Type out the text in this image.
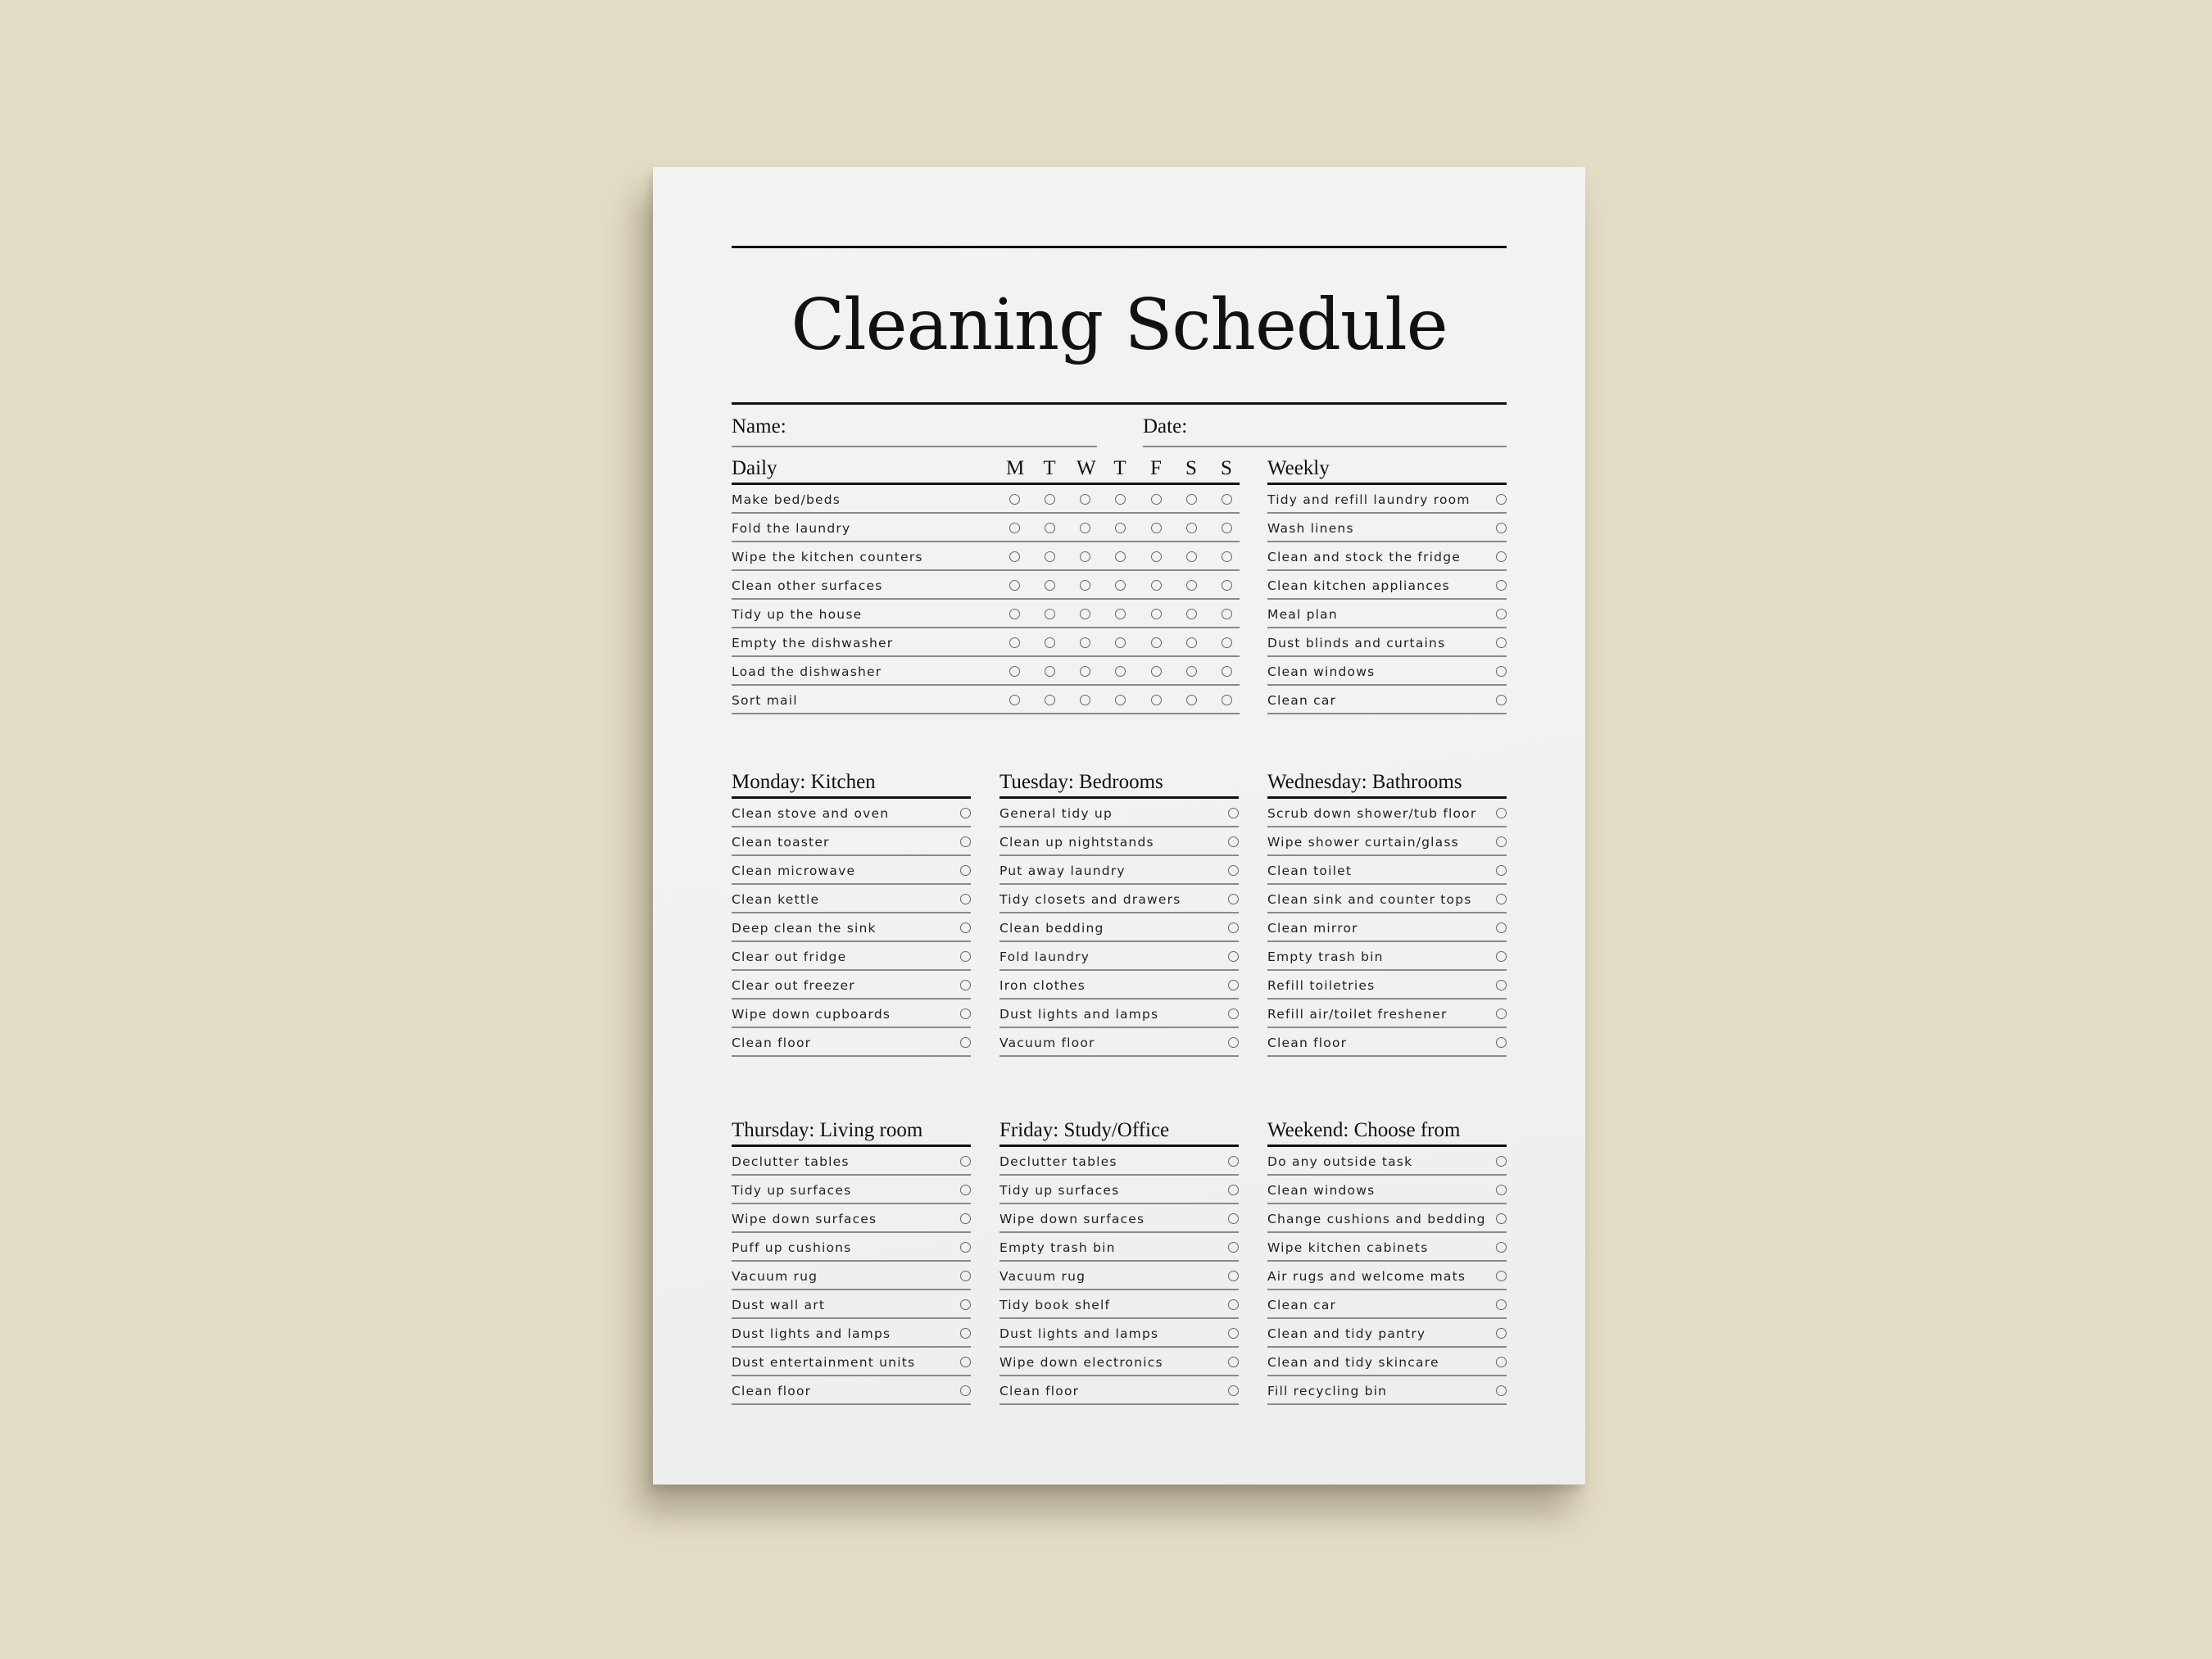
Cleaning Schedule
Name:	Date:
Daily	M T W T F S S
Make bed/beds
Fold the laundry
Wipe the kitchen counters
Clean other surfaces
Tidy up the house
Empty the dishwasher
Load the dishwasher
Sort mail
Weekly
Tidy and refill laundry room
Wash linens
Clean and stock the fridge
Clean kitchen appliances
Meal plan
Dust blinds and curtains
Clean windows
Clean car
Monday: Kitchen
Clean stove and oven
Clean toaster
Clean microwave
Clean kettle
Deep clean the sink
Clear out fridge
Clear out freezer
Wipe down cupboards
Clean floor
Tuesday: Bedrooms
General tidy up
Clean up nightstands
Put away laundry
Tidy closets and drawers
Clean bedding
Fold laundry
Iron clothes
Dust lights and lamps
Vacuum floor
Wednesday: Bathrooms
Scrub down shower/tub floor
Wipe shower curtain/glass
Clean toilet
Clean sink and counter tops
Clean mirror
Empty trash bin
Refill toiletries
Refill air/toilet freshener
Clean floor
Thursday: Living room
Declutter tables
Tidy up surfaces
Wipe down surfaces
Puff up cushions
Vacuum rug
Dust wall art
Dust lights and lamps
Dust entertainment units
Clean floor
Friday: Study/Office
Declutter tables
Tidy up surfaces
Wipe down surfaces
Empty trash bin
Vacuum rug
Tidy book shelf
Dust lights and lamps
Wipe down electronics
Clean floor
Weekend: Choose from
Do any outside task
Clean windows
Change cushions and bedding
Wipe kitchen cabinets
Air rugs and welcome mats
Clean car
Clean and tidy pantry
Clean and tidy skincare
Fill recycling bin
